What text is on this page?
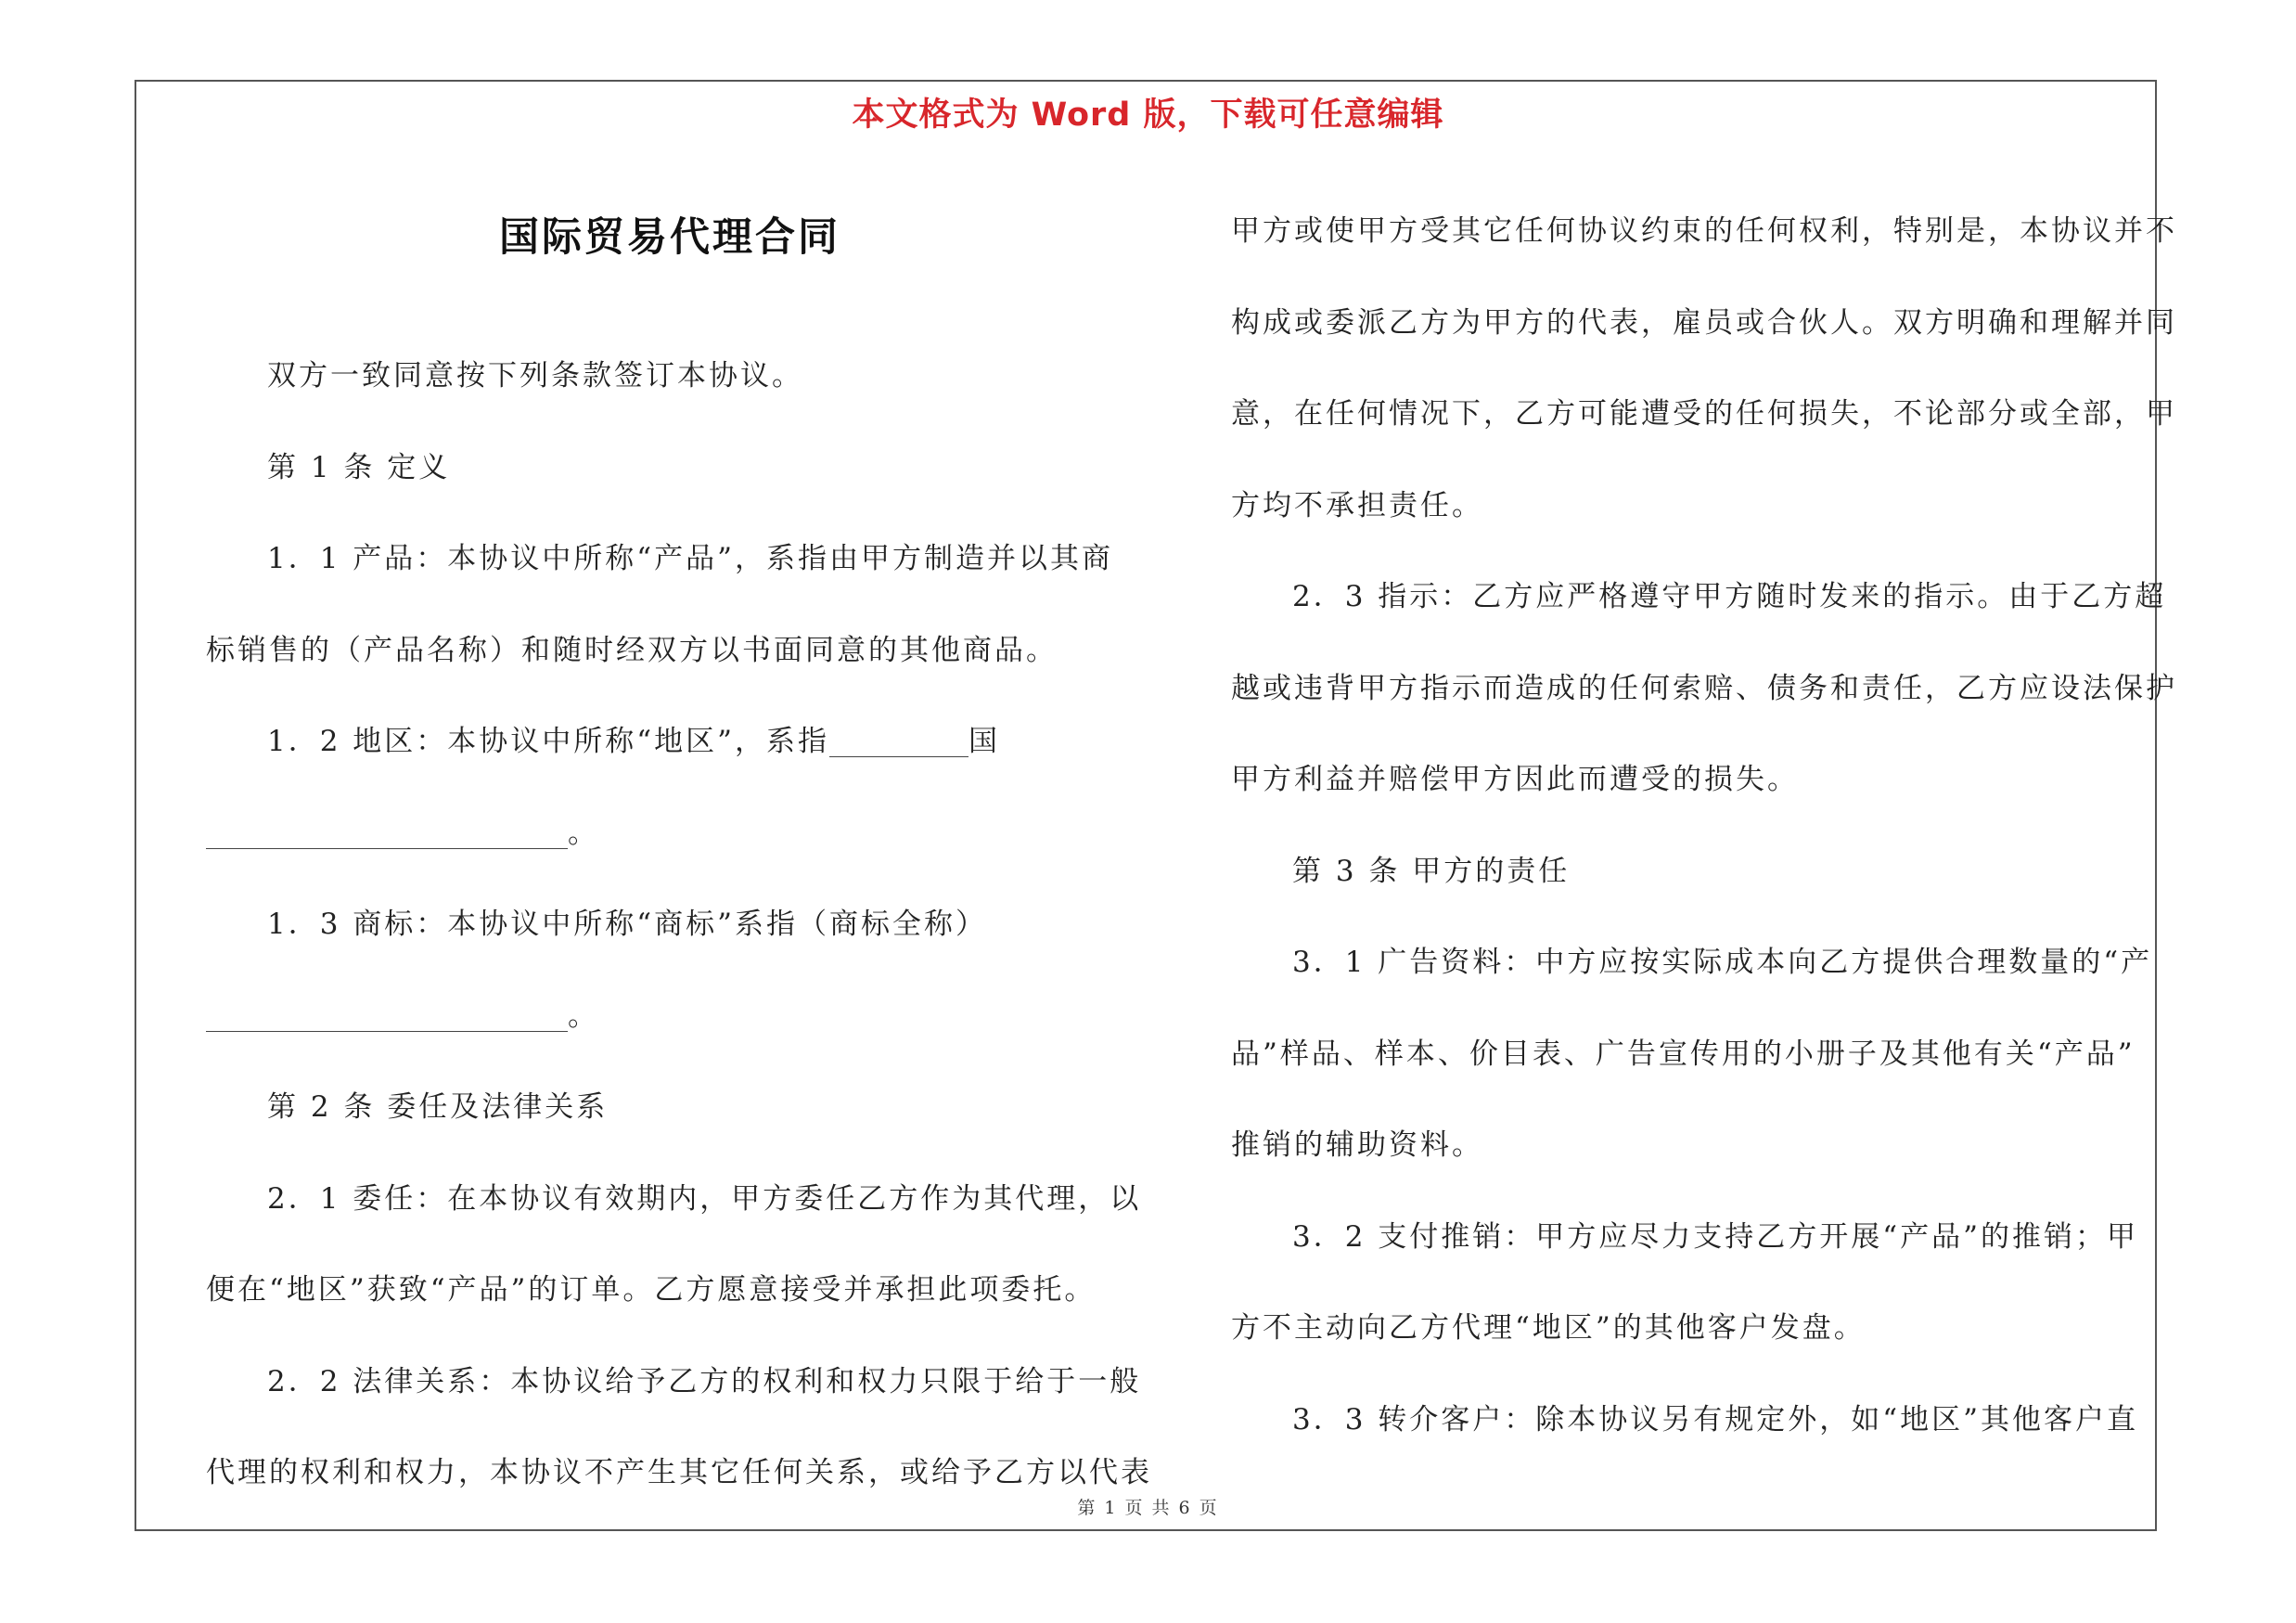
本文格式为 Word 版，下载可任意编辑
国际贸易代理合同
双方一致同意按下列条款签订本协议。
第 1 条 定义
1．1 产品：本协议中所称“产品”，系指由甲方制造并以其商
标销售的（产品名称）和随时经双方以书面同意的其他商品。
1．2 地区：本协议中所称“地区”，系指	国
。
1．3 商标：本协议中所称“商标”系指（商标全称）
。
第 2 条 委任及法律关系
2．1 委任：在本协议有效期内，甲方委任乙方作为其代理，以
便在“地区”获致“产品”的订单。乙方愿意接受并承担此项委托。
2．2 法律关系：本协议给予乙方的权利和权力只限于给于一般
代理的权利和权力，本协议不产生其它任何关系，或给予乙方以代表
甲方或使甲方受其它任何协议约束的任何权利，特别是，本协议并不
构成或委派乙方为甲方的代表，雇员或合伙人。双方明确和理解并同
意，在任何情况下，乙方可能遭受的任何损失，不论部分或全部，甲
方均不承担责任。
2．3 指示：乙方应严格遵守甲方随时发来的指示。由于乙方超
越或违背甲方指示而造成的任何索赔、债务和责任，乙方应设法保护
甲方利益并赔偿甲方因此而遭受的损失。
第 3 条 甲方的责任
3．1 广告资料：中方应按实际成本向乙方提供合理数量的“产
品”样品、样本、价目表、广告宣传用的小册子及其他有关“产品”
推销的辅助资料。
3．2 支付推销：甲方应尽力支持乙方开展“产品”的推销；甲
方不主动向乙方代理“地区”的其他客户发盘。
3．3 转介客户：除本协议另有规定外，如“地区”其他客户直
第 1 页 共 6 页
